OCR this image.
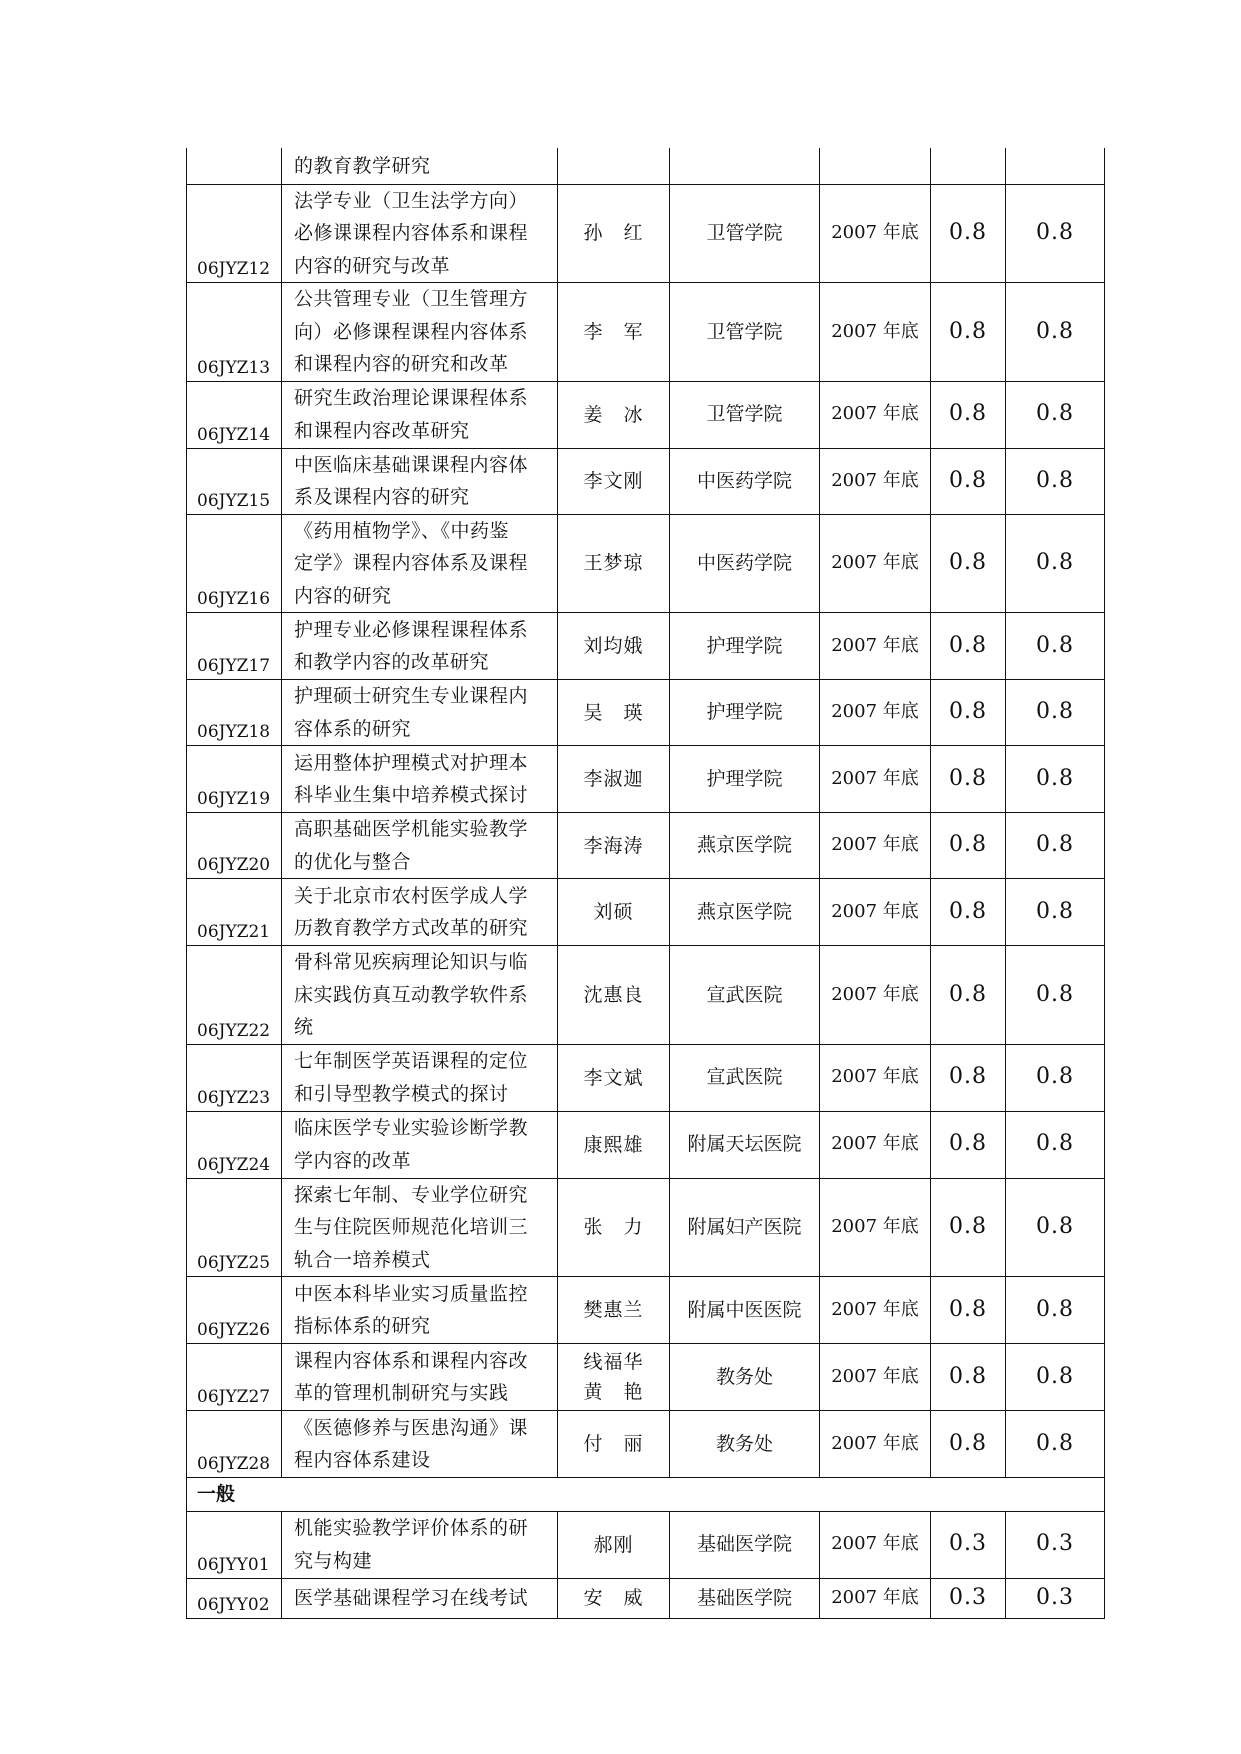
	的教育教学研究					

06JYZ12	法学专业（卫生法学方向）
必修课课程内容体系和课程
内容的研究与改革	孙　红	卫管学院	2007 年底	0.8	0.8
06JYZ13	公共管理专业（卫生管理方
向）必修课程课程内容体系
和课程内容的研究和改革	李　军	卫管学院	2007 年底	0.8	0.8
06JYZ14	研究生政治理论课课程体系
和课程内容改革研究	姜　冰	卫管学院	2007 年底	0.8	0.8
06JYZ15	中医临床基础课课程内容体
系及课程内容的研究	李文刚	中医药学院	2007 年底	0.8	0.8
06JYZ16	《药用植物学》、《中药鉴
定学》课程内容体系及课程
内容的研究	王梦琼	中医药学院	2007 年底	0.8	0.8
06JYZ17	护理专业必修课程课程体系
和教学内容的改革研究	刘均娥	护理学院	2007 年底	0.8	0.8
06JYZ18	护理硕士研究生专业课程内
容体系的研究	吴　瑛	护理学院	2007 年底	0.8	0.8
06JYZ19	运用整体护理模式对护理本
科毕业生集中培养模式探讨	李淑迦	护理学院	2007 年底	0.8	0.8
06JYZ20	高职基础医学机能实验教学
的优化与整合	李海涛	燕京医学院	2007 年底	0.8	0.8
06JYZ21	关于北京市农村医学成人学
历教育教学方式改革的研究	刘硕	燕京医学院	2007 年底	0.8	0.8
06JYZ22	骨科常见疾病理论知识与临
床实践仿真互动教学软件系
统	沈惠良	宣武医院	2007 年底	0.8	0.8
06JYZ23	七年制医学英语课程的定位
和引导型教学模式的探讨	李文斌	宣武医院	2007 年底	0.8	0.8
06JYZ24	临床医学专业实验诊断学教
学内容的改革	康熙雄	附属天坛医院	2007 年底	0.8	0.8
06JYZ25	探索七年制、专业学位研究
生与住院医师规范化培训三
轨合一培养模式	张　力	附属妇产医院	2007 年底	0.8	0.8
06JYZ26	中医本科毕业实习质量监控
指标体系的研究	樊惠兰	附属中医医院	2007 年底	0.8	0.8
06JYZ27	课程内容体系和课程内容改
革的管理机制研究与实践	线福华
黄　艳	教务处	2007 年底	0.8	0.8
06JYZ28	《医德修养与医患沟通》课
程内容体系建设	付　丽	教务处	2007 年底	0.8	0.8
一般						
06JYY01	机能实验教学评价体系的研
究与构建	郝刚	基础医学院	2007 年底	0.3	0.3
06JYY02	医学基础课程学习在线考试	安　威	基础医学院	2007 年底	0.3	0.3
